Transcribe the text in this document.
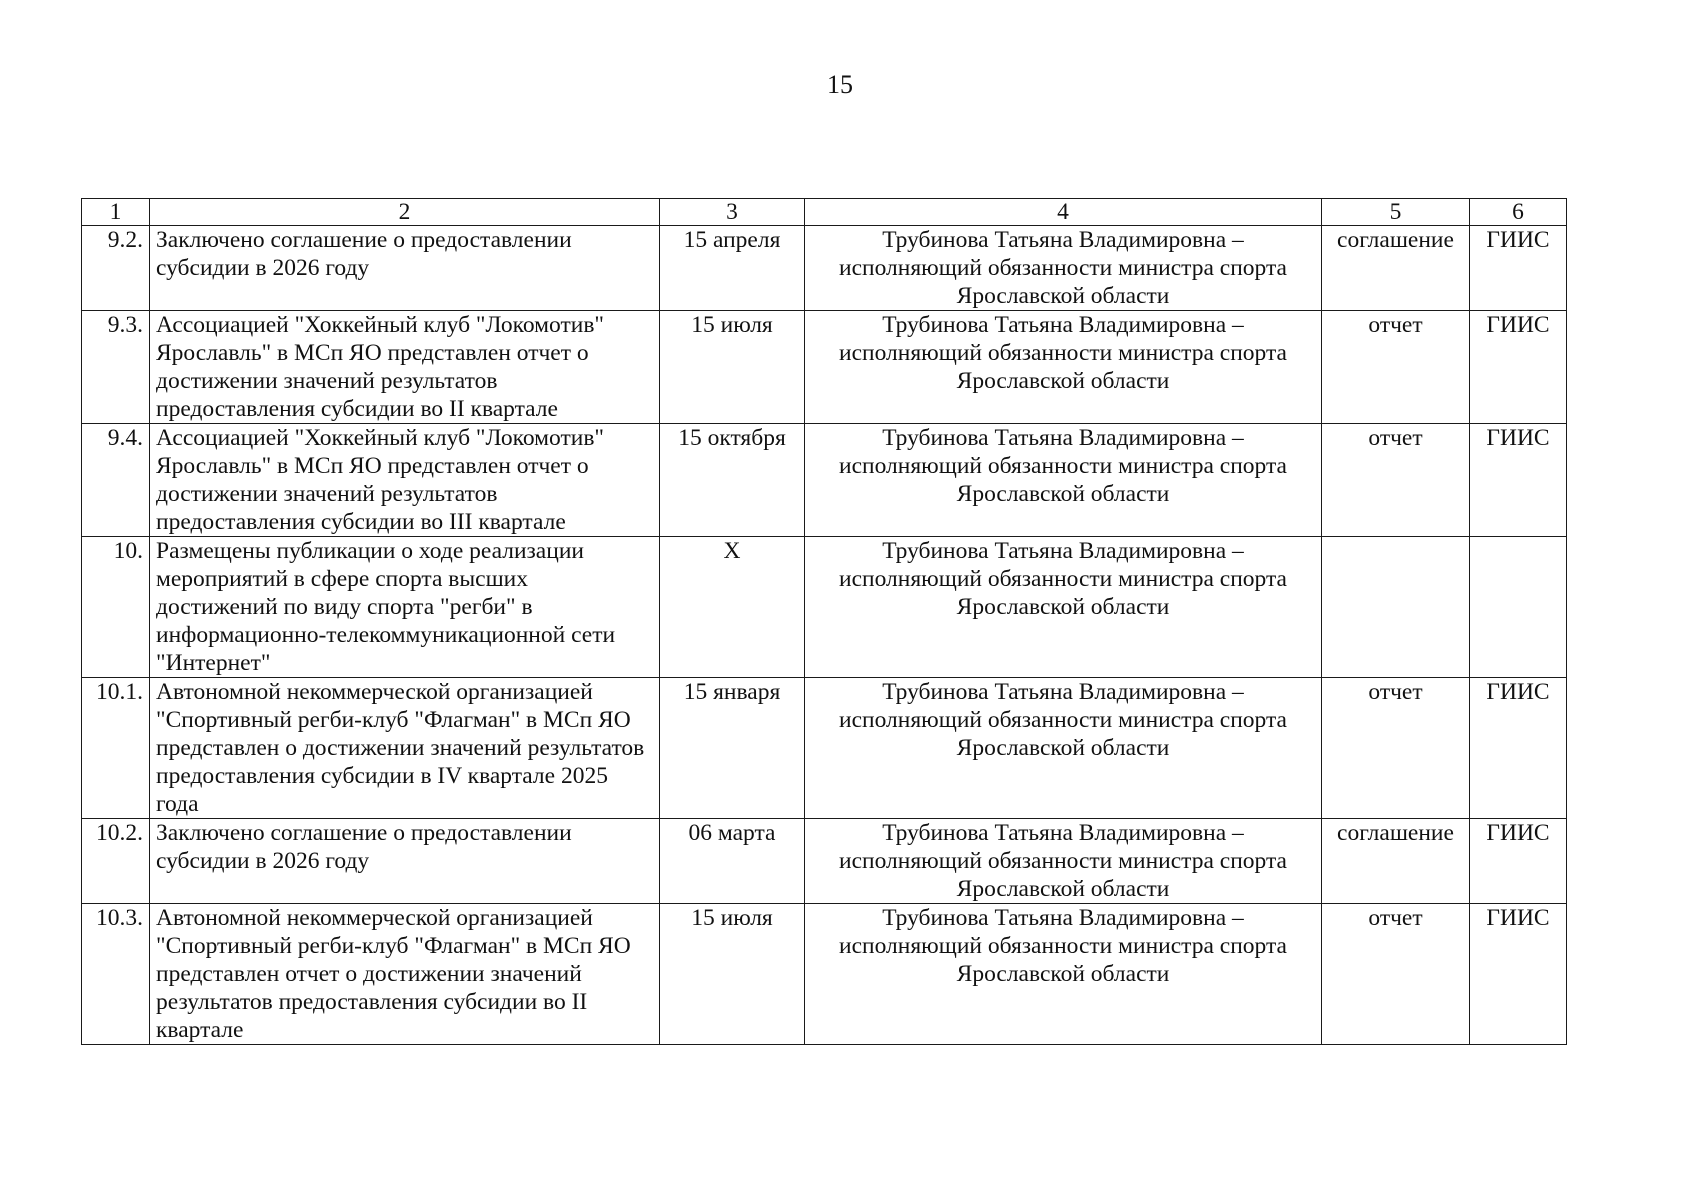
15
1	2	3	4	5	6
9.2.	Заключено соглашение о предоставлении субсидии в 2026 году	15 апреля	Трубинова Татьяна Владимировна –
исполняющий обязанности министра спорта
Ярославской области	соглашение	ГИИС
9.3.	Ассоциацией "Хоккейный клуб "Локомотив" Ярославль" в МСп ЯО представлен отчет о достижении значений результатов предоставления субсидии во II квартале	15 июля	Трубинова Татьяна Владимировна –
исполняющий обязанности министра спорта
Ярославской области	отчет	ГИИС
9.4.	Ассоциацией "Хоккейный клуб "Локомотив" Ярославль" в МСп ЯО представлен отчет о достижении значений результатов предоставления субсидии во III квартале	15 октября	Трубинова Татьяна Владимировна –
исполняющий обязанности министра спорта
Ярославской области	отчет	ГИИС
10.	Размещены публикации о ходе реализации мероприятий в сфере спорта высших достижений по виду спорта "регби" в информационно-телекоммуникационной сети "Интернет"	X	Трубинова Татьяна Владимировна –
исполняющий обязанности министра спорта
Ярославской области		

10.1.	Автономной некоммерческой организацией "Спортивный регби-клуб "Флагман" в МСп ЯО представлен о достижении значений результатов предоставления субсидии в IV квартале 2025 года	15 января	Трубинова Татьяна Владимировна –
исполняющий обязанности министра спорта
Ярославской области	отчет	ГИИС
10.2.	Заключено соглашение о предоставлении субсидии в 2026 году	06 марта	Трубинова Татьяна Владимировна –
исполняющий обязанности министра спорта
Ярославской области	соглашение	ГИИС
10.3.	Автономной некоммерческой организацией "Спортивный регби-клуб "Флагман" в МСп ЯО представлен отчет о достижении значений результатов предоставления субсидии во II квартале	15 июля	Трубинова Татьяна Владимировна –
исполняющий обязанности министра спорта
Ярославской области	отчет	ГИИС
